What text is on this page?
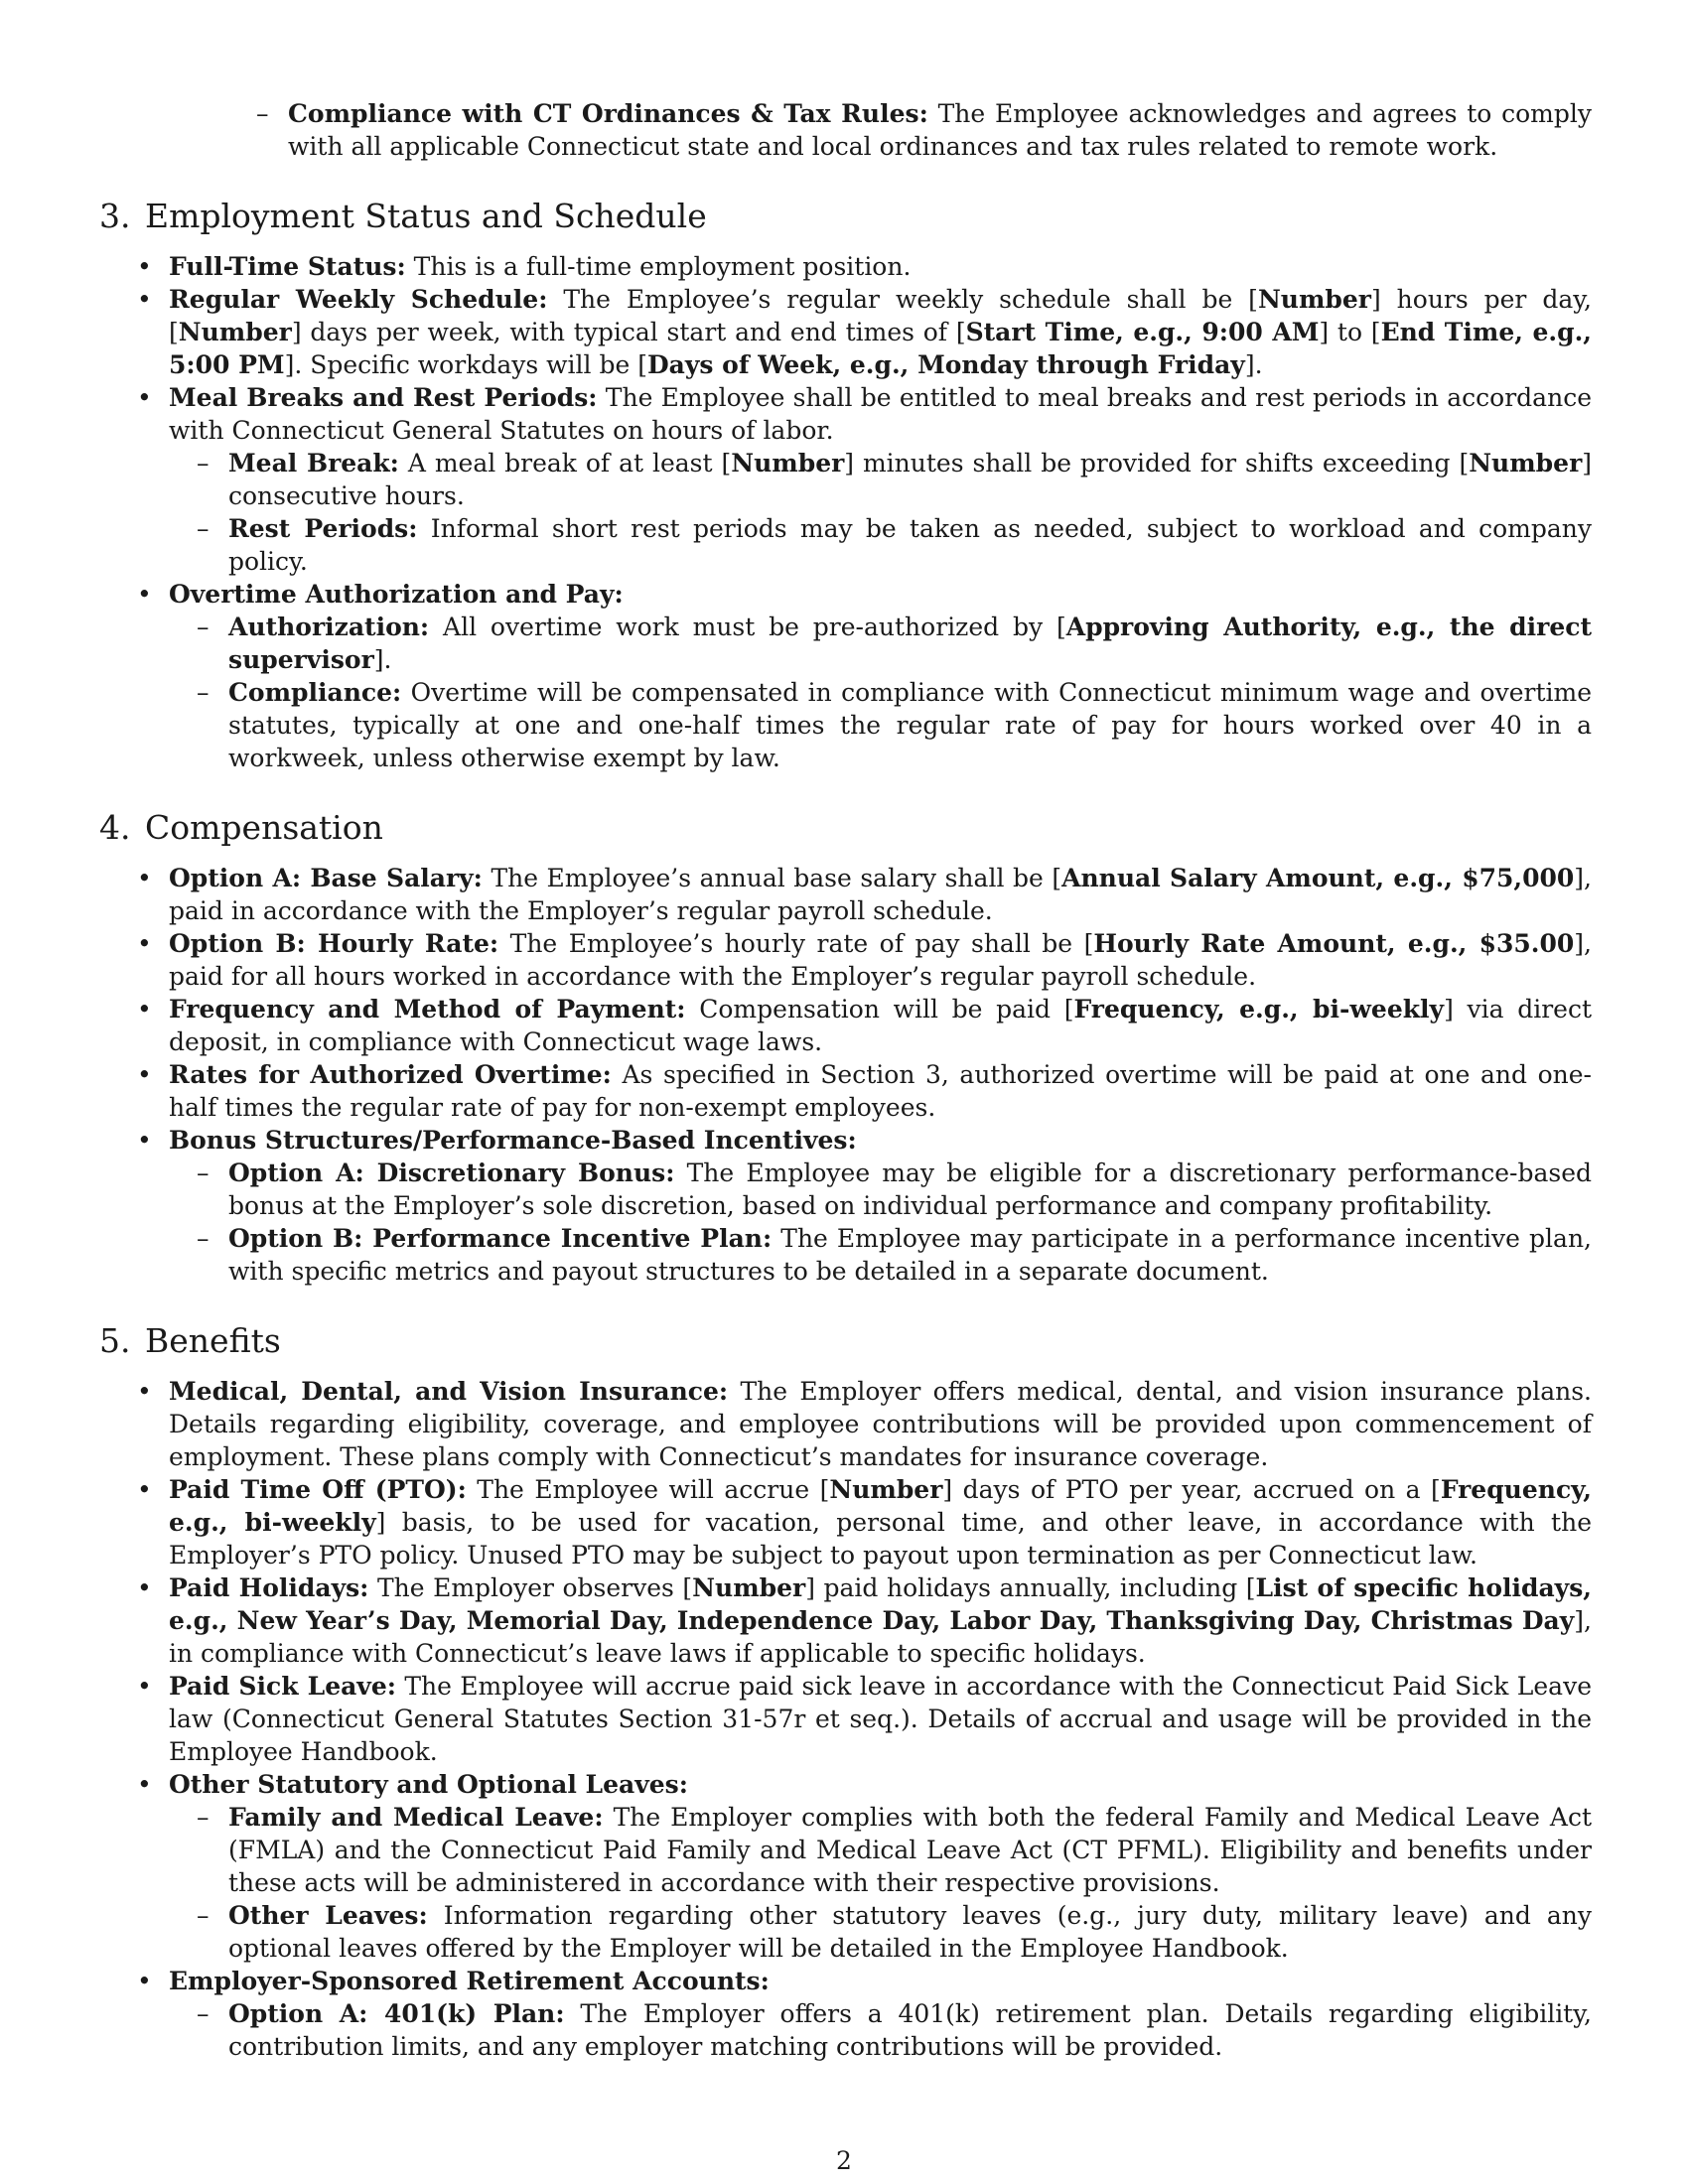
– Compliance with CT Ordinances & Tax Rules: The Employee acknowledges and agrees to comply with all applicable Connecticut state and local ordinances and tax rules related to remote work.
3. Employment Status and Schedule
• Full-Time Status: This is a full-time employment position.
• Regular Weekly Schedule: The Employee’s regular weekly schedule shall be [Number] hours per day, [Number] days per week, with typical start and end times of [Start Time, e.g., 9:00 AM] to [End Time, e.g., 5:00 PM]. Specific workdays will be [Days of Week, e.g., Monday through Friday].
• Meal Breaks and Rest Periods: The Employee shall be entitled to meal breaks and rest periods in accordance with Connecticut General Statutes on hours of labor.
– Meal Break: A meal break of at least [Number] minutes shall be provided for shifts exceeding [Number] consecutive hours.
– Rest Periods: Informal short rest periods may be taken as needed, subject to workload and company policy.
• Overtime Authorization and Pay:
– Authorization: All overtime work must be pre-authorized by [Approving Authority, e.g., the direct supervisor].
– Compliance: Overtime will be compensated in compliance with Connecticut minimum wage and overtime statutes, typically at one and one-half times the regular rate of pay for hours worked over 40 in a workweek, unless otherwise exempt by law.
4. Compensation
• Option A: Base Salary: The Employee’s annual base salary shall be [Annual Salary Amount, e.g., $75,000], paid in accordance with the Employer’s regular payroll schedule.
• Option B: Hourly Rate: The Employee’s hourly rate of pay shall be [Hourly Rate Amount, e.g., $35.00], paid for all hours worked in accordance with the Employer’s regular payroll schedule.
• Frequency and Method of Payment: Compensation will be paid [Frequency, e.g., bi-weekly] via direct deposit, in compliance with Connecticut wage laws.
• Rates for Authorized Overtime: As specified in Section 3, authorized overtime will be paid at one and one-half times the regular rate of pay for non-exempt employees.
• Bonus Structures/Performance-Based Incentives:
– Option A: Discretionary Bonus: The Employee may be eligible for a discretionary performance-based bonus at the Employer’s sole discretion, based on individual performance and company profitability.
– Option B: Performance Incentive Plan: The Employee may participate in a performance incentive plan, with specific metrics and payout structures to be detailed in a separate document.
5. Benefits
• Medical, Dental, and Vision Insurance: The Employer offers medical, dental, and vision insurance plans. Details regarding eligibility, coverage, and employee contributions will be provided upon commencement of employment. These plans comply with Connecticut’s mandates for insurance coverage.
• Paid Time Off (PTO): The Employee will accrue [Number] days of PTO per year, accrued on a [Frequency, e.g., bi-weekly] basis, to be used for vacation, personal time, and other leave, in accordance with the Employer’s PTO policy. Unused PTO may be subject to payout upon termination as per Connecticut law.
• Paid Holidays: The Employer observes [Number] paid holidays annually, including [List of specific holidays, e.g., New Year’s Day, Memorial Day, Independence Day, Labor Day, Thanksgiving Day, Christmas Day], in compliance with Connecticut’s leave laws if applicable to specific holidays.
• Paid Sick Leave: The Employee will accrue paid sick leave in accordance with the Connecticut Paid Sick Leave law (Connecticut General Statutes Section 31-57r et seq.). Details of accrual and usage will be provided in the Employee Handbook.
• Other Statutory and Optional Leaves:
– Family and Medical Leave: The Employer complies with both the federal Family and Medical Leave Act (FMLA) and the Connecticut Paid Family and Medical Leave Act (CT PFML). Eligibility and benefits under these acts will be administered in accordance with their respective provisions.
– Other Leaves: Information regarding other statutory leaves (e.g., jury duty, military leave) and any optional leaves offered by the Employer will be detailed in the Employee Handbook.
• Employer-Sponsored Retirement Accounts:
– Option A: 401(k) Plan: The Employer offers a 401(k) retirement plan. Details regarding eligibility, contribution limits, and any employer matching contributions will be provided.
2
